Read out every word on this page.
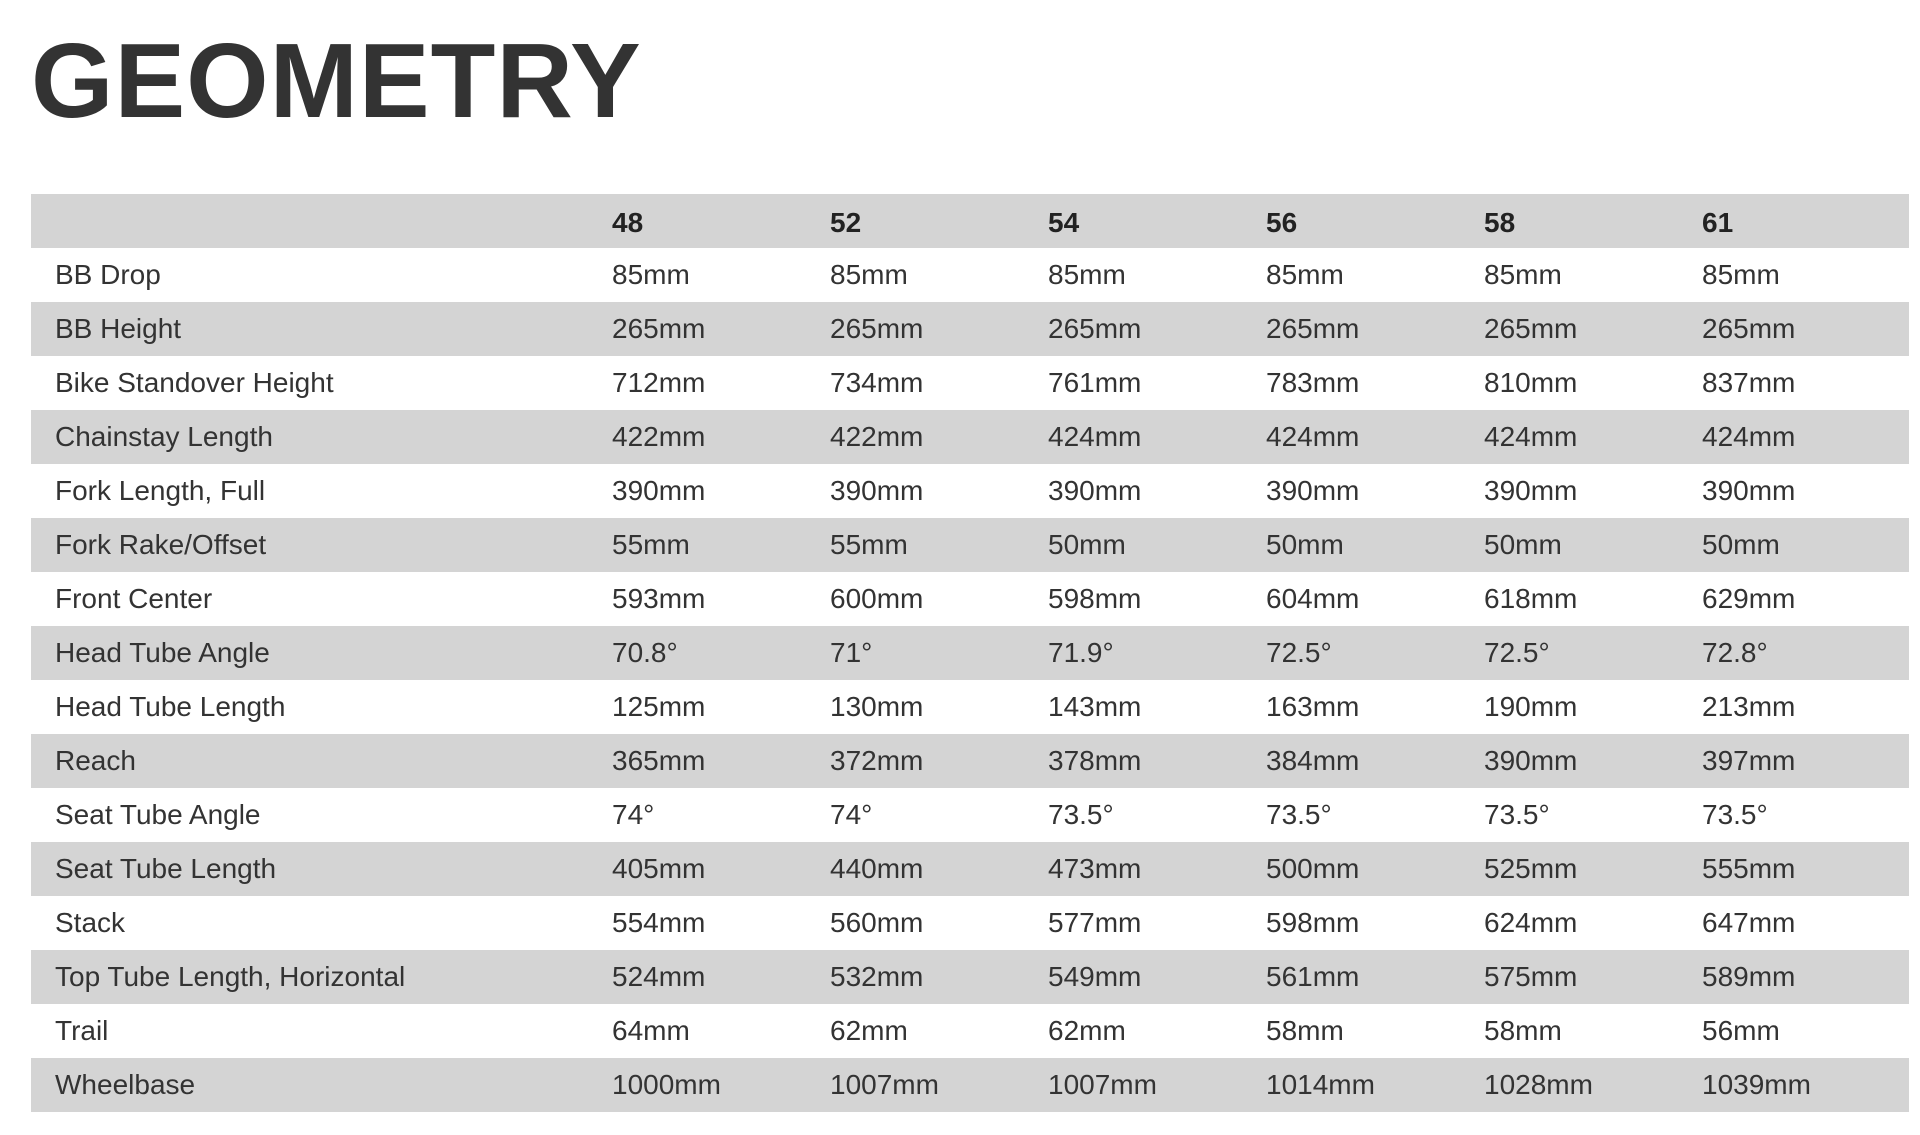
GEOMETRY
	48	52	54	56	58	61
BB Drop	85mm	85mm	85mm	85mm	85mm	85mm
BB Height	265mm	265mm	265mm	265mm	265mm	265mm
Bike Standover Height	712mm	734mm	761mm	783mm	810mm	837mm
Chainstay Length	422mm	422mm	424mm	424mm	424mm	424mm
Fork Length, Full	390mm	390mm	390mm	390mm	390mm	390mm
Fork Rake/Offset	55mm	55mm	50mm	50mm	50mm	50mm
Front Center	593mm	600mm	598mm	604mm	618mm	629mm
Head Tube Angle	70.8°	71°	71.9°	72.5°	72.5°	72.8°
Head Tube Length	125mm	130mm	143mm	163mm	190mm	213mm
Reach	365mm	372mm	378mm	384mm	390mm	397mm
Seat Tube Angle	74°	74°	73.5°	73.5°	73.5°	73.5°
Seat Tube Length	405mm	440mm	473mm	500mm	525mm	555mm
Stack	554mm	560mm	577mm	598mm	624mm	647mm
Top Tube Length, Horizontal	524mm	532mm	549mm	561mm	575mm	589mm
Trail	64mm	62mm	62mm	58mm	58mm	56mm
Wheelbase	1000mm	1007mm	1007mm	1014mm	1028mm	1039mm
